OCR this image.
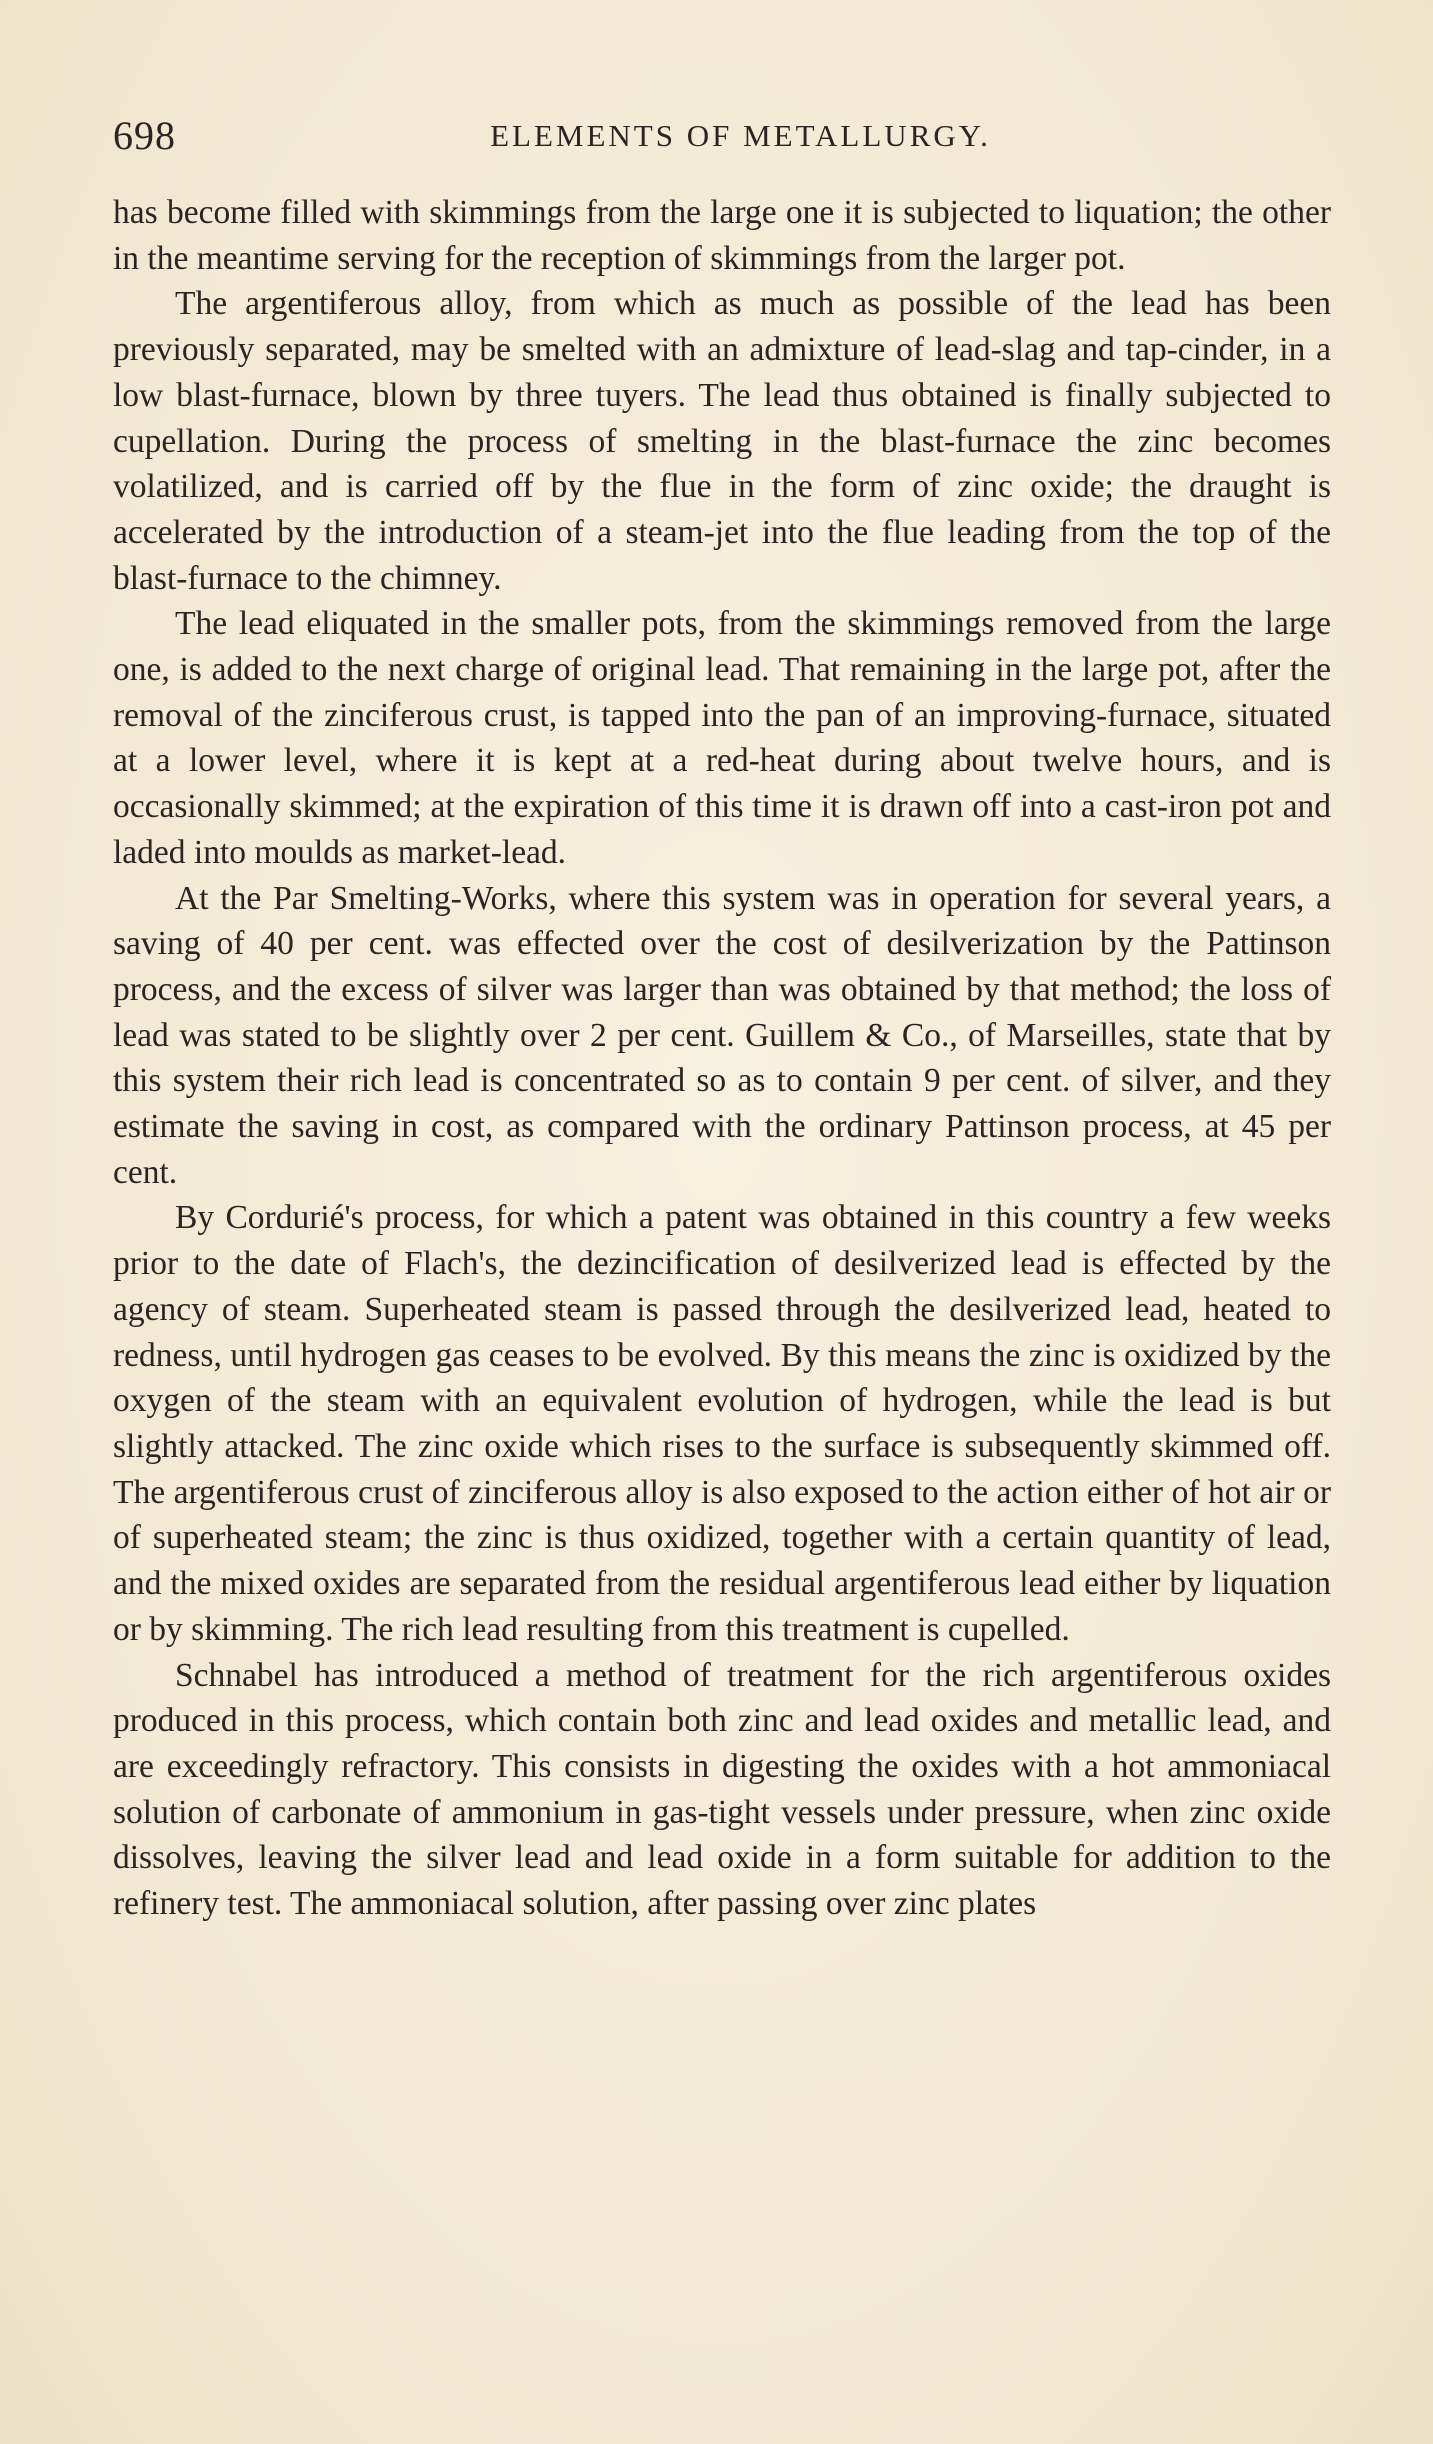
698	ELEMENTS OF METALLURGY.

has become filled with skimmings from the large one it is subjected to liquation; the other in the meantime serving for the reception of skimmings from the larger pot.

The argentiferous alloy, from which as much as possible of the lead has been previously separated, may be smelted with an admixture of lead-slag and tap-cinder, in a low blast-furnace, blown by three tuyers. The lead thus obtained is finally subjected to cupellation. During the process of smelting in the blast-furnace the zinc becomes volatilized, and is carried off by the flue in the form of zinc oxide; the draught is accelerated by the introduction of a steam-jet into the flue leading from the top of the blast-furnace to the chimney.

The lead eliquated in the smaller pots, from the skimmings removed from the large one, is added to the next charge of original lead. That remaining in the large pot, after the removal of the zinciferous crust, is tapped into the pan of an improving-furnace, situated at a lower level, where it is kept at a red-heat during about twelve hours, and is occasionally skimmed; at the expiration of this time it is drawn off into a cast-iron pot and laded into moulds as market-lead.

At the Par Smelting-Works, where this system was in operation for several years, a saving of 40 per cent. was effected over the cost of desilverization by the Pattinson process, and the excess of silver was larger than was obtained by that method; the loss of lead was stated to be slightly over 2 per cent. Guillem & Co., of Marseilles, state that by this system their rich lead is concentrated so as to contain 9 per cent. of silver, and they estimate the saving in cost, as compared with the ordinary Pattinson process, at 45 per cent.

By Cordurié's process, for which a patent was obtained in this country a few weeks prior to the date of Flach's, the dezincification of desilverized lead is effected by the agency of steam. Superheated steam is passed through the desilverized lead, heated to redness, until hydrogen gas ceases to be evolved. By this means the zinc is oxidized by the oxygen of the steam with an equivalent evolution of hydrogen, while the lead is but slightly attacked. The zinc oxide which rises to the surface is subsequently skimmed off. The argentiferous crust of zinciferous alloy is also exposed to the action either of hot air or of superheated steam; the zinc is thus oxidized, together with a certain quantity of lead, and the mixed oxides are separated from the residual argentiferous lead either by liquation or by skimming. The rich lead resulting from this treatment is cupelled.

Schnabel has introduced a method of treatment for the rich argentiferous oxides produced in this process, which contain both zinc and lead oxides and metallic lead, and are exceedingly refractory. This consists in digesting the oxides with a hot ammoniacal solution of carbonate of ammonium in gas-tight vessels under pressure, when zinc oxide dissolves, leaving the silver lead and lead oxide in a form suitable for addition to the refinery test. The ammoniacal solution, after passing over zinc plates
